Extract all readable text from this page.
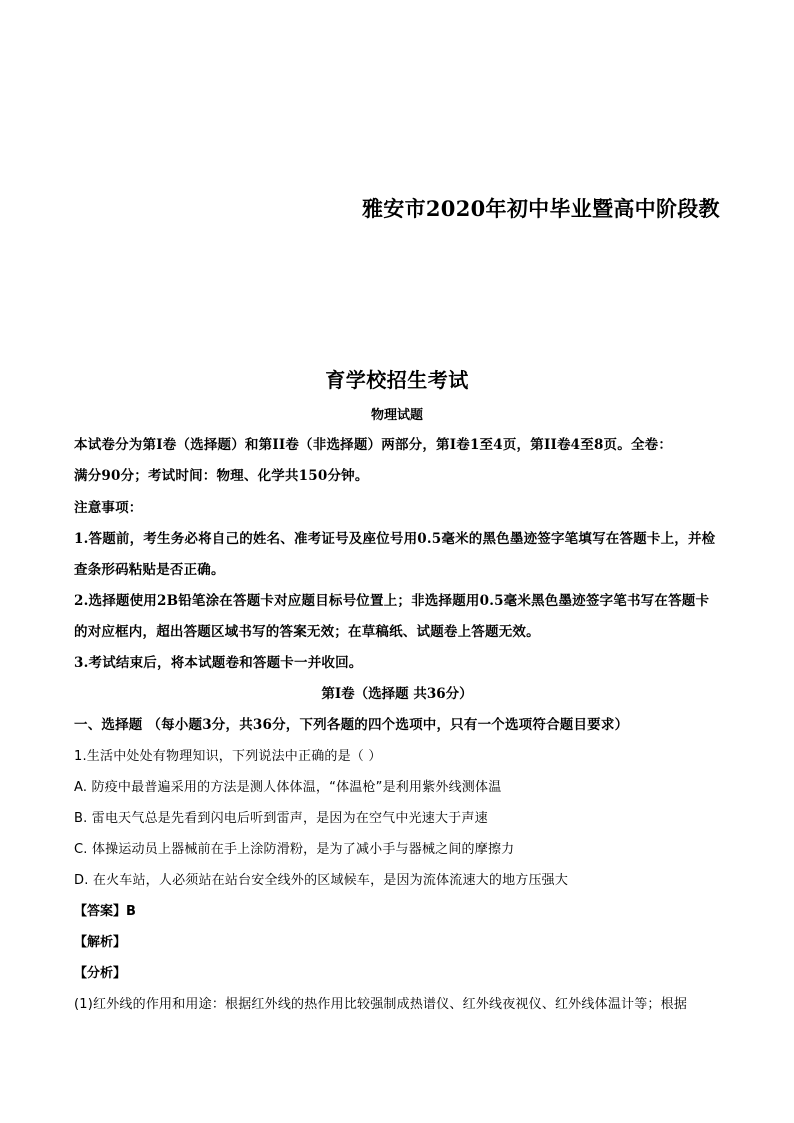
雅安市2020年初中毕业暨高中阶段教
育学校招生考试
物理试题
本试卷分为第I卷（选择题）和第II卷（非选择题）两部分，第I卷1至4页，第II卷4至8页。全卷：
满分90分；考试时间：物理、化学共150分钟。
注意事项：
1.答题前，考生务必将自己的姓名、准考证号及座位号用0.5毫米的黑色墨迹签字笔填写在答题卡上，并检
查条形码粘贴是否正确。
2.选择题使用2B铅笔涂在答题卡对应题目标号位置上；非选择题用0.5毫米黑色墨迹签字笔书写在答题卡
的对应框内，超出答题区域书写的答案无效；在草稿纸、试题卷上答题无效。
3.考试结束后，将本试题卷和答题卡一并收回。
第I卷（选择题 共36分）
一、选择题 （每小题3分，共36分，下列各题的四个选项中，只有一个选项符合题目要求）
1.生活中处处有物理知识，下列说法中正确的是（ ）
A. 防疫中最普遍采用的方法是测人体体温，“体温枪”是利用紫外线测体温
B. 雷电天气总是先看到闪电后听到雷声，是因为在空气中光速大于声速
C. 体操运动员上器械前在手上涂防滑粉，是为了减小手与器械之间的摩擦力
D. 在火车站，人必须站在站台安全线外的区域候车，是因为流体流速大的地方压强大
【答案】B
【解析】
【分析】
(1)红外线的作用和用途：根据红外线的热作用比较强制成热谱仪、红外线夜视仪、红外线体温计等；根据
